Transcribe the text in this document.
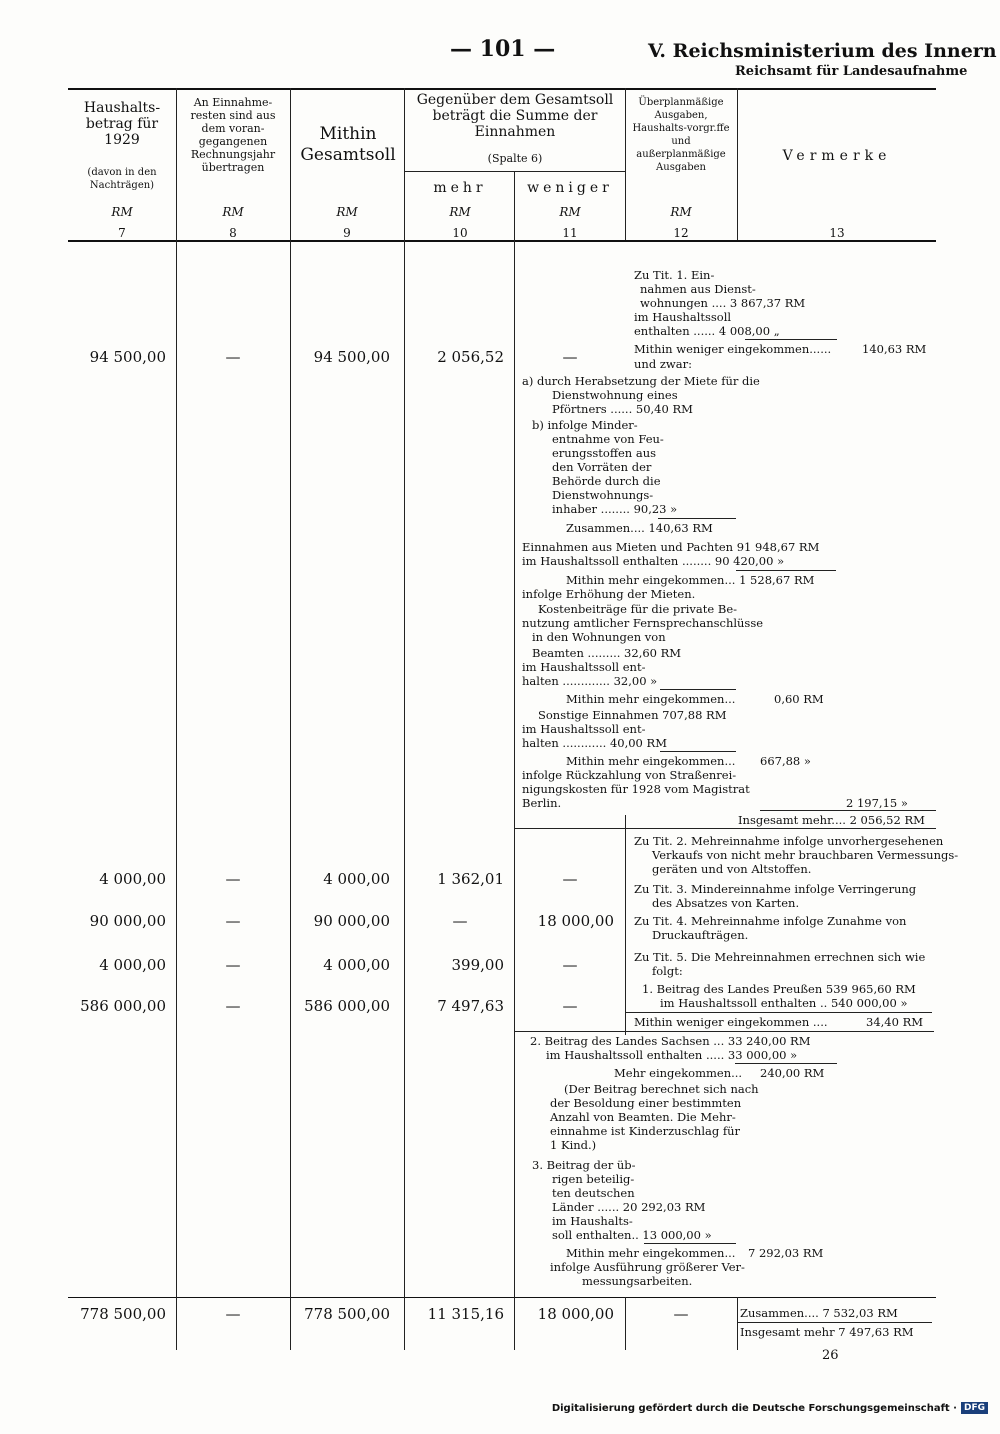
— 101 —	V. Reichsministerium des Innern
Reichsamt für Landesaufnahme
Haushalts-betrag für 1929
(davon in den Nachträgen)
An Einnahme-resten sind aus dem voran-gegangenen Rechnungsjahr übertragen
Mithin Gesamtsoll
Gegenüber dem Gesamtsoll beträgt die Summe der Einnahmen
(Spalte 6)
mehr	weniger
Überplanmäßige Ausgaben, Haushalts-vorgr.ffe und außerplanmäßige Ausgaben
Vermerke
RM	RM	RM	RM	RM	RM
7	8	9	10	11	12	13
94 500,00	—	94 500,00	2 056,52	—
4 000,00	—	4 000,00	1 362,01	—
90 000,00	—	90 000,00	—	18 000,00
4 000,00	—	4 000,00	399,00	—
586 000,00	—	586 000,00	7 497,63	—
778 500,00	—	778 500,00	11 315,16	18 000,00	—
Zu Tit. 1. Ein-
nahmen aus Dienst-
wohnungen .... 3 867,37 RM
im Haushaltssoll
enthalten ...... 4 008,00 „
Mithin weniger eingekommen......	140,63 RM
und zwar:
a) durch Herabsetzung der Miete für die
Dienstwohnung eines
Pförtners ...... 50,40 RM
b) infolge Minder-
entnahme von Feu-
erungsstoffen aus
den Vorräten der
Behörde durch die
Dienstwohnungs-
inhaber ........ 90,23 »
Zusammen.... 140,63 RM
Einnahmen aus Mieten und Pachten 91 948,67 RM
im Haushaltssoll enthalten ........ 90 420,00 »
Mithin mehr eingekommen... 1 528,67 RM
infolge Erhöhung der Mieten.
Kostenbeiträge für die private Be-
nutzung amtlicher Fernsprechanschlüsse
in den Wohnungen von
Beamten ......... 32,60 RM
im Haushaltssoll ent-
halten ............. 32,00 »
Mithin mehr eingekommen...	0,60 RM
Sonstige Einnahmen 707,88 RM
im Haushaltssoll ent-
halten ............ 40,00 RM
Mithin mehr eingekommen... 667,88 »
infolge Rückzahlung von Straßenrei-
nigungskosten für 1928 vom Magistrat
Berlin.	2 197,15 »
Insgesamt mehr.... 2 056,52 RM
Zu Tit. 2. Mehreinnahme infolge unvorhergesehenen
Verkaufs von nicht mehr brauchbaren Vermessungs-
geräten und von Altstoffen.
Zu Tit. 3. Mindereinnahme infolge Verringerung
des Absatzes von Karten.
Zu Tit. 4. Mehreinnahme infolge Zunahme von
Druckaufträgen.
Zu Tit. 5. Die Mehreinnahmen errechnen sich wie
folgt:
1. Beitrag des Landes Preußen 539 965,60 RM
im Haushaltssoll enthalten .. 540 000,00 »
Mithin weniger eingekommen ....	34,40 RM
2. Beitrag des Landes Sachsen ... 33 240,00 RM
im Haushaltssoll enthalten ..... 33 000,00 »
Mehr eingekommen... 240,00 RM
(Der Beitrag berechnet sich nach
der Besoldung einer bestimmten
Anzahl von Beamten. Die Mehr-
einnahme ist Kinderzuschlag für
1 Kind.)
3. Beitrag der üb-
rigen beteilig-
ten deutschen
Länder ...... 20 292,03 RM
im Haushalts-
soll enthalten.. 13 000,00 »
Mithin mehr eingekommen... 7 292,03 RM
infolge Ausführung größerer Ver-
messungsarbeiten.
Zusammen.... 7 532,03 RM
Insgesamt mehr 7 497,63 RM
26
Digitalisierung gefördert durch die Deutsche Forschungsgemeinschaft · DFG
